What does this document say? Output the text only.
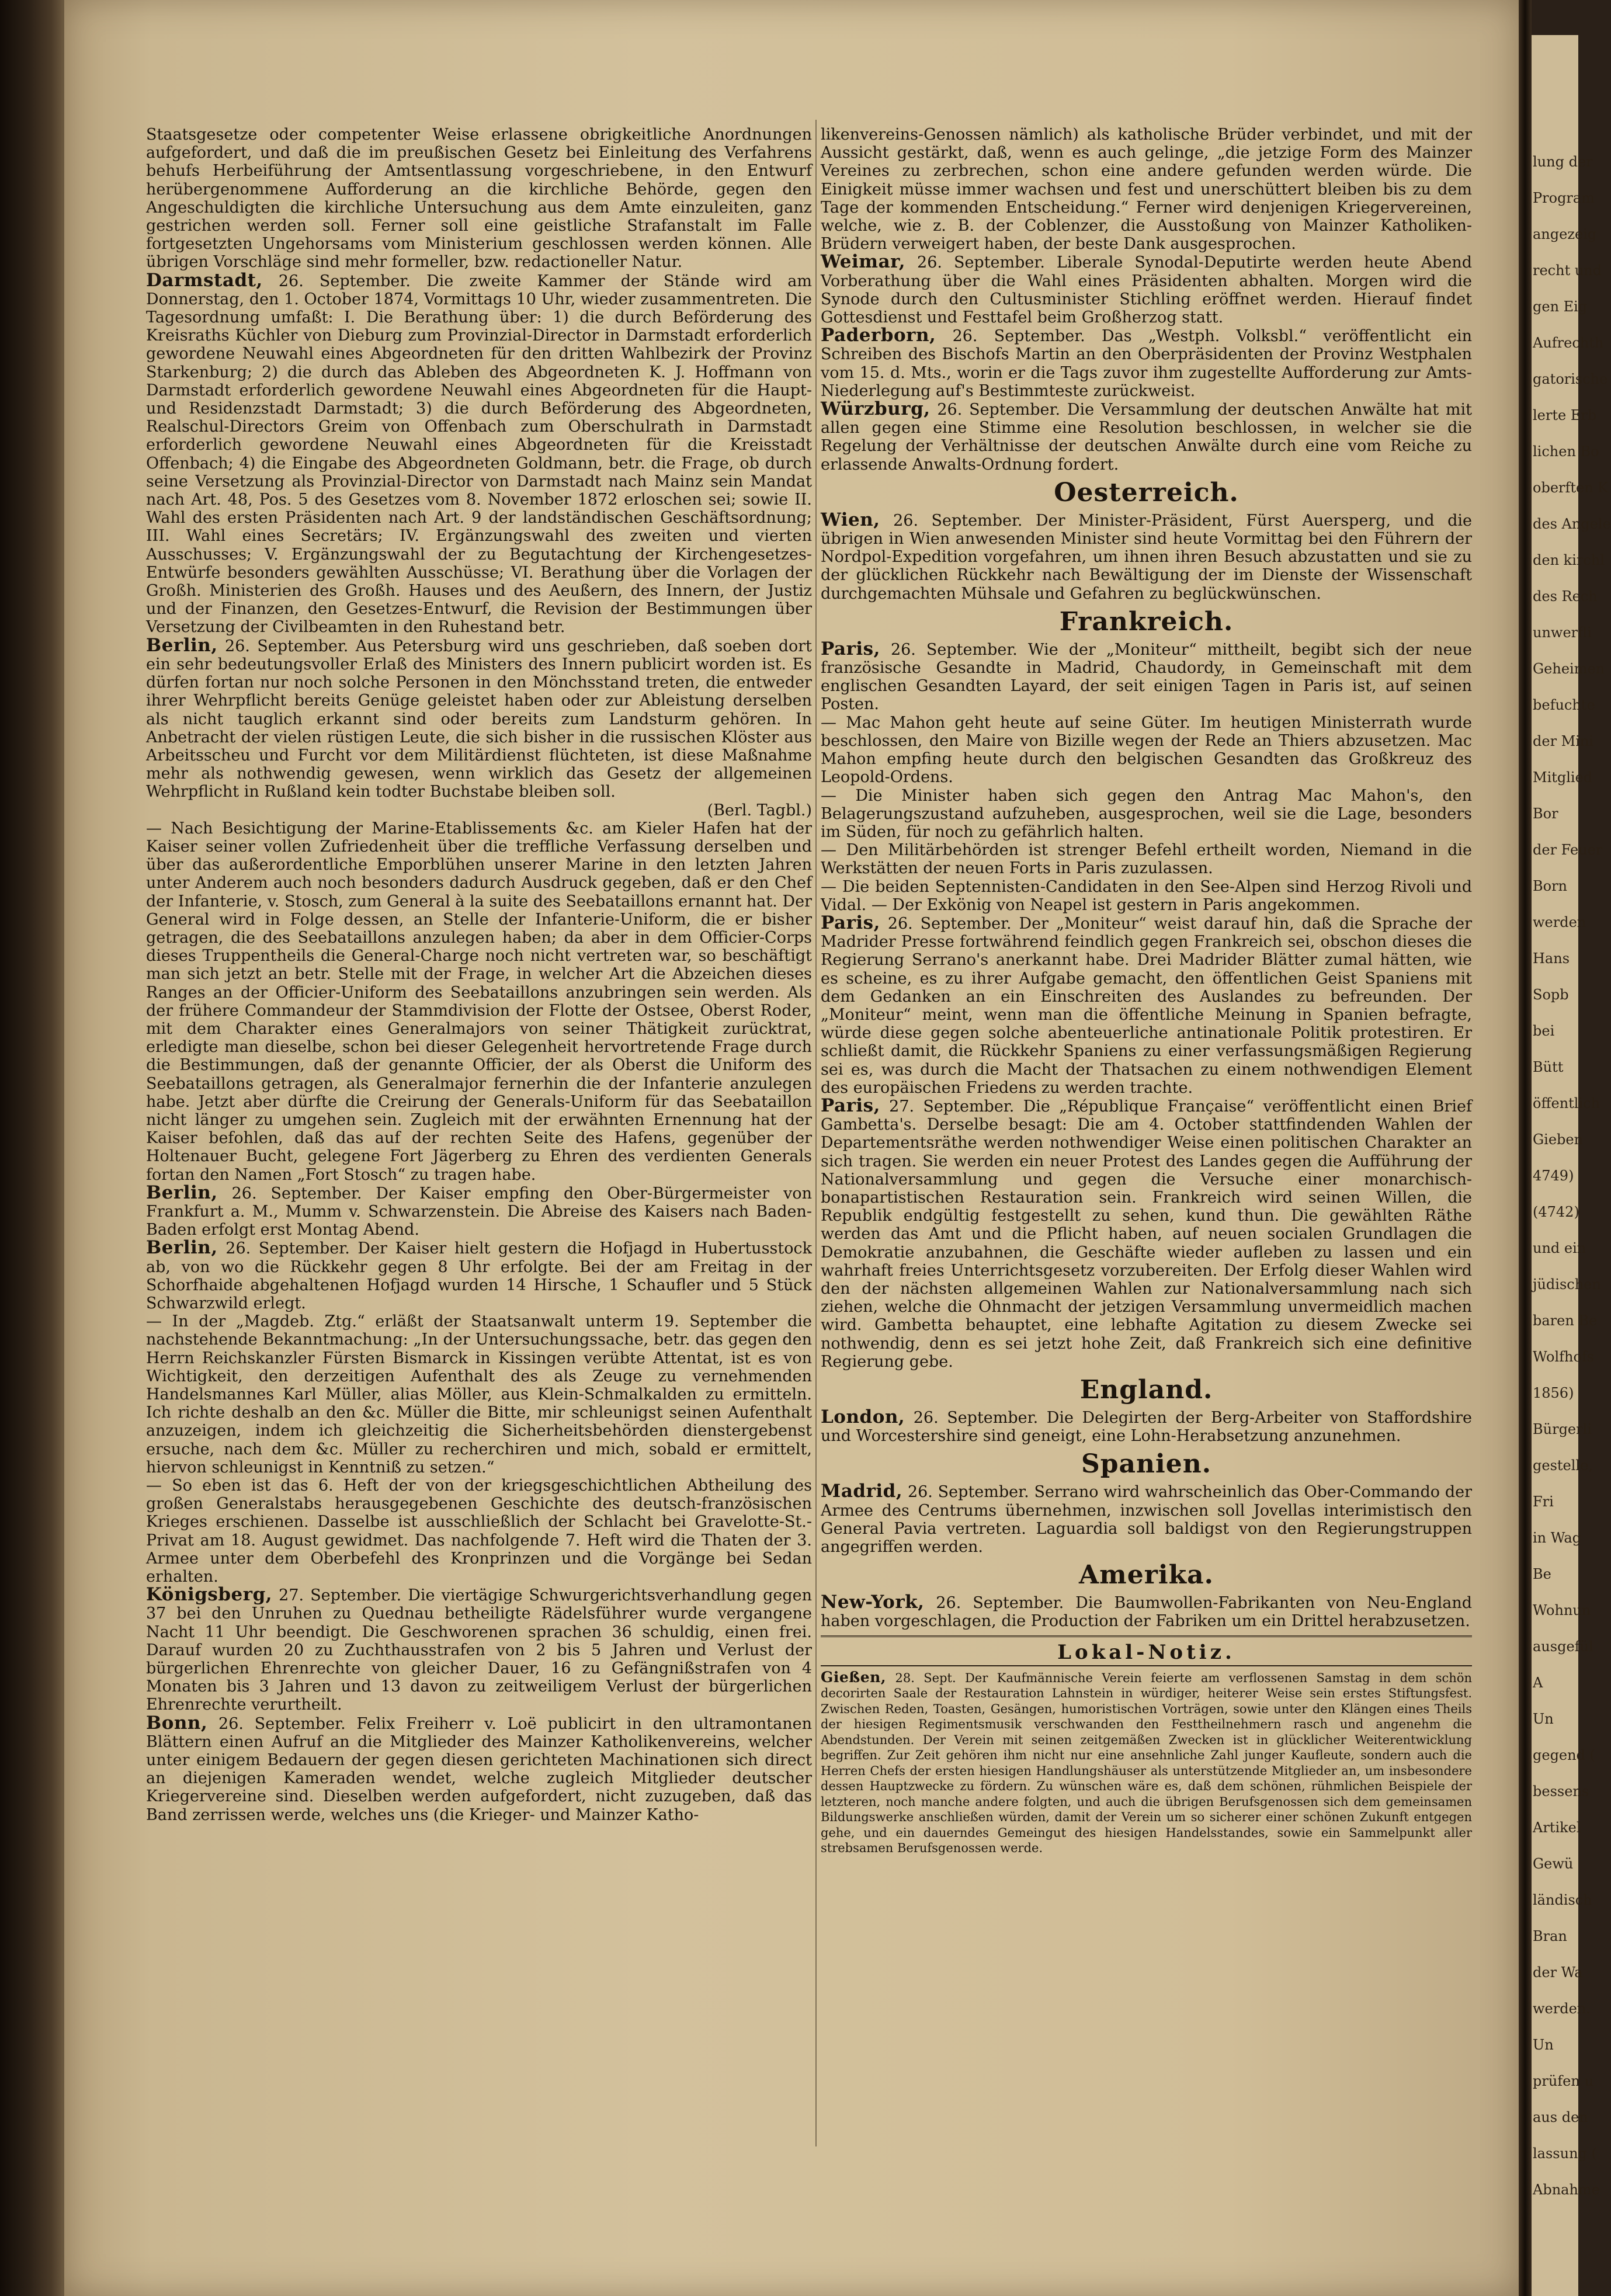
Staatsgesetze oder competenter Weise erlassene obrigkeitliche Anordnungen aufgefordert, und daß die im preußischen Gesetz bei Einleitung des Verfahrens behufs Herbeiführung der Amtsentlassung vorgeschriebene, in den Entwurf herübergenommene Aufforderung an die kirchliche Behörde, gegen den Angeschuldigten die kirchliche Untersuchung aus dem Amte einzuleiten, ganz gestrichen werden soll. Ferner soll eine geistliche Strafanstalt im Falle fortgesetzten Ungehorsams vom Ministerium geschlossen werden können. Alle übrigen Vorschläge sind mehr formeller, bzw. redactioneller Natur.

Darmstadt, 26. September. Die zweite Kammer der Stände wird am Donnerstag, den 1. October 1874, Vormittags 10 Uhr, wieder zusammentreten. Die Tagesordnung umfaßt: I. Die Berathung über: 1) die durch Beförderung des Kreisraths Küchler von Dieburg zum Provinzial-Director in Darmstadt erforderlich gewordene Neuwahl eines Abgeordneten für den dritten Wahlbezirk der Provinz Starkenburg; 2) die durch das Ableben des Abgeordneten K. J. Hoffmann von Darmstadt erforderlich gewordene Neuwahl eines Abgeordneten für die Haupt- und Residenzstadt Darmstadt; 3) die durch Beförderung des Abgeordneten, Realschul-Directors Greim von Offenbach zum Oberschulrath in Darmstadt erforderlich gewordene Neuwahl eines Abgeordneten für die Kreisstadt Offenbach; 4) die Eingabe des Abgeordneten Goldmann, betr. die Frage, ob durch seine Versetzung als Provinzial-Director von Darmstadt nach Mainz sein Mandat nach Art. 48, Pos. 5 des Gesetzes vom 8. November 1872 erloschen sei; sowie II. Wahl des ersten Präsidenten nach Art. 9 der landständischen Geschäftsordnung; III. Wahl eines Secretärs; IV. Ergänzungswahl des zweiten und vierten Ausschusses; V. Ergänzungswahl der zu Begutachtung der Kirchengesetzes-Entwürfe besonders gewählten Ausschüsse; VI. Berathung über die Vorlagen der Großh. Ministerien des Großh. Hauses und des Aeußern, des Innern, der Justiz und der Finanzen, den Gesetzes-Entwurf, die Revision der Bestimmungen über Versetzung der Civilbeamten in den Ruhestand betr.

Berlin, 26. September. Aus Petersburg wird uns geschrieben, daß soeben dort ein sehr bedeutungsvoller Erlaß des Ministers des Innern publicirt worden ist. Es dürfen fortan nur noch solche Personen in den Mönchsstand treten, die entweder ihrer Wehrpflicht bereits Genüge geleistet haben oder zur Ableistung derselben als nicht tauglich erkannt sind oder bereits zum Landsturm gehören. In Anbetracht der vielen rüstigen Leute, die sich bisher in die russischen Klöster aus Arbeitsscheu und Furcht vor dem Militärdienst flüchteten, ist diese Maßnahme mehr als nothwendig gewesen, wenn wirklich das Gesetz der allgemeinen Wehrpflicht in Rußland kein todter Buchstabe bleiben soll.
(Berl. Tagbl.)

— Nach Besichtigung der Marine-Etablissements &c. am Kieler Hafen hat der Kaiser seiner vollen Zufriedenheit über die treffliche Verfassung derselben und über das außerordentliche Emporblühen unserer Marine in den letzten Jahren unter Anderem auch noch besonders dadurch Ausdruck gegeben, daß er den Chef der Infanterie, v. Stosch, zum General à la suite des Seebataillons ernannt hat. Der General wird in Folge dessen, an Stelle der Infanterie-Uniform, die er bisher getragen, die des Seebataillons anzulegen haben; da aber in dem Officier-Corps dieses Truppentheils die General-Charge noch nicht vertreten war, so beschäftigt man sich jetzt an betr. Stelle mit der Frage, in welcher Art die Abzeichen dieses Ranges an der Officier-Uniform des Seebataillons anzubringen sein werden. Als der frühere Commandeur der Stammdivision der Flotte der Ostsee, Oberst Roder, mit dem Charakter eines Generalmajors von seiner Thätigkeit zurücktrat, erledigte man dieselbe, schon bei dieser Gelegenheit hervortretende Frage durch die Bestimmungen, daß der genannte Officier, der als Oberst die Uniform des Seebataillons getragen, als Generalmajor fernerhin die der Infanterie anzulegen habe. Jetzt aber dürfte die Creirung der Generals-Uniform für das Seebataillon nicht länger zu umgehen sein. Zugleich mit der erwähnten Ernennung hat der Kaiser befohlen, daß das auf der rechten Seite des Hafens, gegenüber der Holtenauer Bucht, gelegene Fort Jägerberg zu Ehren des verdienten Generals fortan den Namen „Fort Stosch“ zu tragen habe.

Berlin, 26. September. Der Kaiser empfing den Ober-Bürgermeister von Frankfurt a. M., Mumm v. Schwarzenstein. Die Abreise des Kaisers nach Baden-Baden erfolgt erst Montag Abend.

Berlin, 26. September. Der Kaiser hielt gestern die Hofjagd in Hubertusstock ab, von wo die Rückkehr gegen 8 Uhr erfolgte. Bei der am Freitag in der Schorfhaide abgehaltenen Hofjagd wurden 14 Hirsche, 1 Schaufler und 5 Stück Schwarzwild erlegt.

— In der „Magdeb. Ztg.“ erläßt der Staatsanwalt unterm 19. September die nachstehende Bekanntmachung: „In der Untersuchungssache, betr. das gegen den Herrn Reichskanzler Fürsten Bismarck in Kissingen verübte Attentat, ist es von Wichtigkeit, den derzeitigen Aufenthalt des als Zeuge zu vernehmenden Handelsmannes Karl Müller, alias Möller, aus Klein-Schmalkalden zu ermitteln. Ich richte deshalb an den &c. Müller die Bitte, mir schleunigst seinen Aufenthalt anzuzeigen, indem ich gleichzeitig die Sicherheitsbehörden dienstergebenst ersuche, nach dem &c. Müller zu recherchiren und mich, sobald er ermittelt, hiervon schleunigst in Kenntniß zu setzen.“

— So eben ist das 6. Heft der von der kriegsgeschichtlichen Abtheilung des großen Generalstabs herausgegebenen Geschichte des deutsch-französischen Krieges erschienen. Dasselbe ist ausschließlich der Schlacht bei Gravelotte-St.-Privat am 18. August gewidmet. Das nachfolgende 7. Heft wird die Thaten der 3. Armee unter dem Oberbefehl des Kronprinzen und die Vorgänge bei Sedan erhalten.

Königsberg, 27. September. Die viertägige Schwurgerichtsverhandlung gegen 37 bei den Unruhen zu Quednau betheiligte Rädelsführer wurde vergangene Nacht 11 Uhr beendigt. Die Geschworenen sprachen 36 schuldig, einen frei. Darauf wurden 20 zu Zuchthausstrafen von 2 bis 5 Jahren und Verlust der bürgerlichen Ehrenrechte von gleicher Dauer, 16 zu Gefängnißstrafen von 4 Monaten bis 3 Jahren und 13 davon zu zeitweiligem Verlust der bürgerlichen Ehrenrechte verurtheilt.

Bonn, 26. September. Felix Freiherr v. Loë publicirt in den ultramontanen Blättern einen Aufruf an die Mitglieder des Mainzer Katholikenvereins, welcher unter einigem Bedauern der gegen diesen gerichteten Machinationen sich direct an diejenigen Kameraden wendet, welche zugleich Mitglieder deutscher Kriegervereine sind. Dieselben werden aufgefordert, nicht zuzugeben, daß das Band zerrissen werde, welches uns (die Krieger- und Mainzer Katho-

likenvereins-Genossen nämlich) als katholische Brüder verbindet, und mit der Aussicht gestärkt, daß, wenn es auch gelinge, „die jetzige Form des Mainzer Vereines zu zerbrechen, schon eine andere gefunden werden würde. Die Einigkeit müsse immer wachsen und fest und unerschüttert bleiben bis zu dem Tage der kommenden Entscheidung.“ Ferner wird denjenigen Kriegervereinen, welche, wie z. B. der Coblenzer, die Ausstoßung von Mainzer Katholiken-Brüdern verweigert haben, der beste Dank ausgesprochen.

Weimar, 26. September. Liberale Synodal-Deputirte werden heute Abend Vorberathung über die Wahl eines Präsidenten abhalten. Morgen wird die Synode durch den Cultusminister Stichling eröffnet werden. Hierauf findet Gottesdienst und Festtafel beim Großherzog statt.

Paderborn, 26. September. Das „Westph. Volksbl.“ veröffentlicht ein Schreiben des Bischofs Martin an den Oberpräsidenten der Provinz Westphalen vom 15. d. Mts., worin er die Tags zuvor ihm zugestellte Aufforderung zur Amts-Niederlegung auf's Bestimmteste zurückweist.

Würzburg, 26. September. Die Versammlung der deutschen Anwälte hat mit allen gegen eine Stimme eine Resolution beschlossen, in welcher sie die Regelung der Verhältnisse der deutschen Anwälte durch eine vom Reiche zu erlassende Anwalts-Ordnung fordert.

Oesterreich.

Wien, 26. September. Der Minister-Präsident, Fürst Auersperg, und die übrigen in Wien anwesenden Minister sind heute Vormittag bei den Führern der Nordpol-Expedition vorgefahren, um ihnen ihren Besuch abzustatten und sie zu der glücklichen Rückkehr nach Bewältigung der im Dienste der Wissenschaft durchgemachten Mühsale und Gefahren zu beglückwünschen.

Frankreich.

Paris, 26. September. Wie der „Moniteur“ mittheilt, begibt sich der neue französische Gesandte in Madrid, Chaudordy, in Gemeinschaft mit dem englischen Gesandten Layard, der seit einigen Tagen in Paris ist, auf seinen Posten.

— Mac Mahon geht heute auf seine Güter. Im heutigen Ministerrath wurde beschlossen, den Maire von Bizille wegen der Rede an Thiers abzusetzen. Mac Mahon empfing heute durch den belgischen Gesandten das Großkreuz des Leopold-Ordens.

— Die Minister haben sich gegen den Antrag Mac Mahon's, den Belagerungszustand aufzuheben, ausgesprochen, weil sie die Lage, besonders im Süden, für noch zu gefährlich halten.

— Den Militärbehörden ist strenger Befehl ertheilt worden, Niemand in die Werkstätten der neuen Forts in Paris zuzulassen.

— Die beiden Septennisten-Candidaten in den See-Alpen sind Herzog Rivoli und Vidal. — Der Exkönig von Neapel ist gestern in Paris angekommen.

Paris, 26. September. Der „Moniteur“ weist darauf hin, daß die Sprache der Madrider Presse fortwährend feindlich gegen Frankreich sei, obschon dieses die Regierung Serrano's anerkannt habe. Drei Madrider Blätter zumal hätten, wie es scheine, es zu ihrer Aufgabe gemacht, den öffentlichen Geist Spaniens mit dem Gedanken an ein Einschreiten des Auslandes zu befreunden. Der „Moniteur“ meint, wenn man die öffentliche Meinung in Spanien befragte, würde diese gegen solche abenteuerliche antinationale Politik protestiren. Er schließt damit, die Rückkehr Spaniens zu einer verfassungsmäßigen Regierung sei es, was durch die Macht der Thatsachen zu einem nothwendigen Element des europäischen Friedens zu werden trachte.

Paris, 27. September. Die „République Française“ veröffentlicht einen Brief Gambetta's. Derselbe besagt: Die am 4. October stattfindenden Wahlen der Departementsräthe werden nothwendiger Weise einen politischen Charakter an sich tragen. Sie werden ein neuer Protest des Landes gegen die Aufführung der Nationalversammlung und gegen die Versuche einer monarchisch-bonapartistischen Restauration sein. Frankreich wird seinen Willen, die Republik endgültig festgestellt zu sehen, kund thun. Die gewählten Räthe werden das Amt und die Pflicht haben, auf neuen socialen Grundlagen die Demokratie anzubahnen, die Geschäfte wieder aufleben zu lassen und ein wahrhaft freies Unterrichtsgesetz vorzubereiten. Der Erfolg dieser Wahlen wird den der nächsten allgemeinen Wahlen zur Nationalversammlung nach sich ziehen, welche die Ohnmacht der jetzigen Versammlung unvermeidlich machen wird. Gambetta behauptet, eine lebhafte Agitation zu diesem Zwecke sei nothwendig, denn es sei jetzt hohe Zeit, daß Frankreich sich eine definitive Regierung gebe.

England.

London, 26. September. Die Delegirten der Berg-Arbeiter von Staffordshire und Worcestershire sind geneigt, eine Lohn-Herabsetzung anzunehmen.

Spanien.

Madrid, 26. September. Serrano wird wahrscheinlich das Ober-Commando der Armee des Centrums übernehmen, inzwischen soll Jovellas interimistisch den General Pavia vertreten. Laguardia soll baldigst von den Regierungstruppen angegriffen werden.

Amerika.

New-York, 26. September. Die Baumwollen-Fabrikanten von Neu-England haben vorgeschlagen, die Production der Fabriken um ein Drittel herabzusetzen.

Lokal-Notiz.

Gießen, 28. Sept. Der Kaufmännische Verein feierte am verflossenen Samstag in dem schön decorirten Saale der Restauration Lahnstein in würdiger, heiterer Weise sein erstes Stiftungsfest. Zwischen Reden, Toasten, Gesängen, humoristischen Vorträgen, sowie unter den Klängen eines Theils der hiesigen Regimentsmusik verschwanden den Festtheilnehmern rasch und angenehm die Abendstunden. Der Verein mit seinen zeitgemäßen Zwecken ist in glücklicher Weiterentwicklung begriffen. Zur Zeit gehören ihm nicht nur eine ansehnliche Zahl junger Kaufleute, sondern auch die Herren Chefs der ersten hiesigen Handlungshäuser als unterstützende Mitglieder an, um insbesondere dessen Hauptzwecke zu fördern. Zu wünschen wäre es, daß dem schönen, rühmlichen Beispiele der letzteren, noch manche andere folgten, und auch die übrigen Berufsgenossen sich dem gemeinsamen Bildungswerke anschließen würden, damit der Verein um so sicherer einer schönen Zukunft entgegen gehe, und ein dauerndes Gemeingut des hiesigen Handelsstandes, sowie ein Sammelpunkt aller strebsamen Berufsgenossen werde.

lung der
Program
angezeig
recht und
gen Eig
Aufrechth
gatorische
lerte Erb
lichen Bo
oberften K
des Angele
den kirchl
des Rech
unwerfli
Geheimen
befuchte
der Mini
Mitglied
Bor
der Feuer
Born
werden
Hans
Sopb
bei
Bütt
öffentlich
Gieben
4749)
(4742)
und ein
jüdischen
baren Be
Wolfhofs
1856)
Bürgerli
gestelle,
Fri
in Wag
Be
Wohnun
ausgefül
A
Un
gegend (
bessens
Artikel
Gewü
ländisch
Bran
der Wa
werden.
Un
prüfen u
aus den
lassung (
Abnahme
